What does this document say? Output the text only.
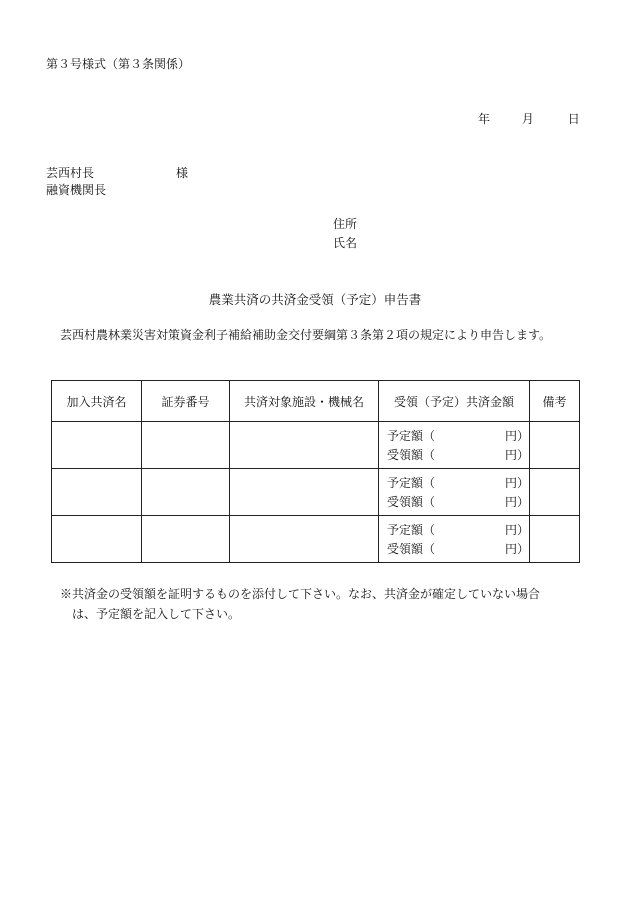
第３号様式（第３条関係）
年	月	日
芸西村長	様
融資機関長
住所
氏名
農業共済の共済金受領（予定）申告書
芸西村農林業災害対策資金利子補給補助金交付要綱第３条第２項の規定により申告します。
加入共済名	証券番号	共済対象施設・機械名	受領（予定）共済金額	備考

			予定額（ 円）
受領額（ 円）	

			予定額（ 円）
受領額（ 円）	

			予定額（ 円）
受領額（ 円）	

※共済金の受領額を証明するものを添付して下さい。なお、共済金が確定していない場合
は、予定額を記入して下さい。
